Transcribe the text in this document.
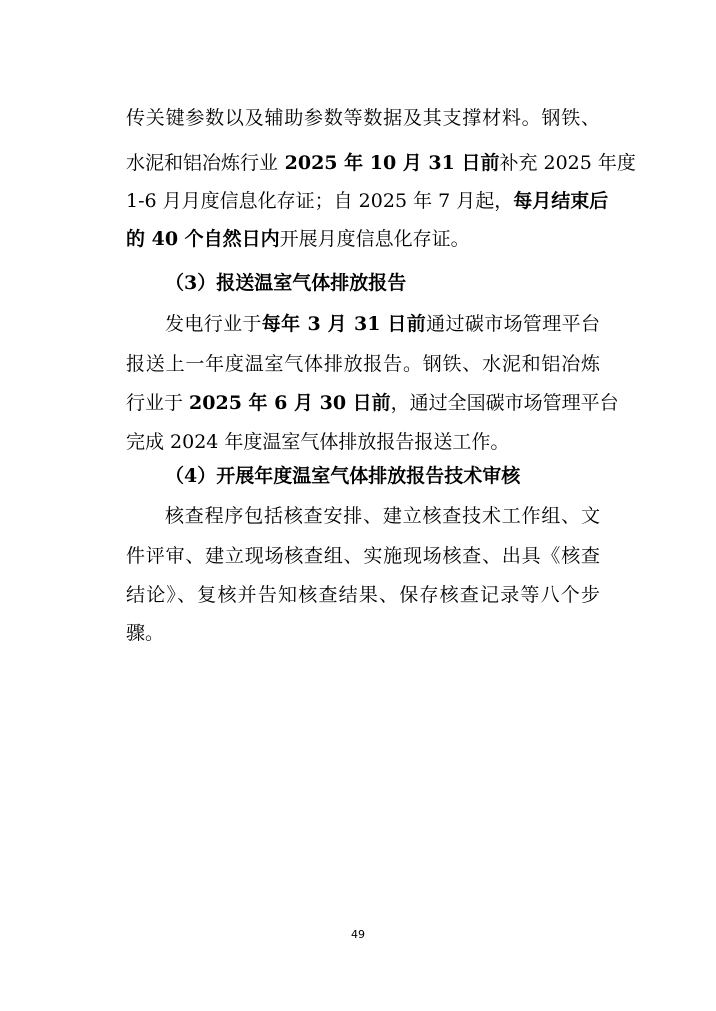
传关键参数以及辅助参数等数据及其支撑材料。钢铁、
水泥和铝冶炼行业 2025 年 10 月 31 日前补充 2025 年度
1-6 月月度信息化存证；自 2025 年 7 月起，每月结束后
的 40 个自然日内开展月度信息化存证。
（3）报送温室气体排放报告
发电行业于每年 3 月 31 日前通过碳市场管理平台
报送上一年度温室气体排放报告。钢铁、水泥和铝冶炼
行业于 2025 年 6 月 30 日前，通过全国碳市场管理平台
完成 2024 年度温室气体排放报告报送工作。
（4）开展年度温室气体排放报告技术审核
核查程序包括核查安排、建立核查技术工作组、文
件评审、建立现场核查组、实施现场核查、出具《核查
结论》、复核并告知核查结果、保存核查记录等八个步
骤。
49
